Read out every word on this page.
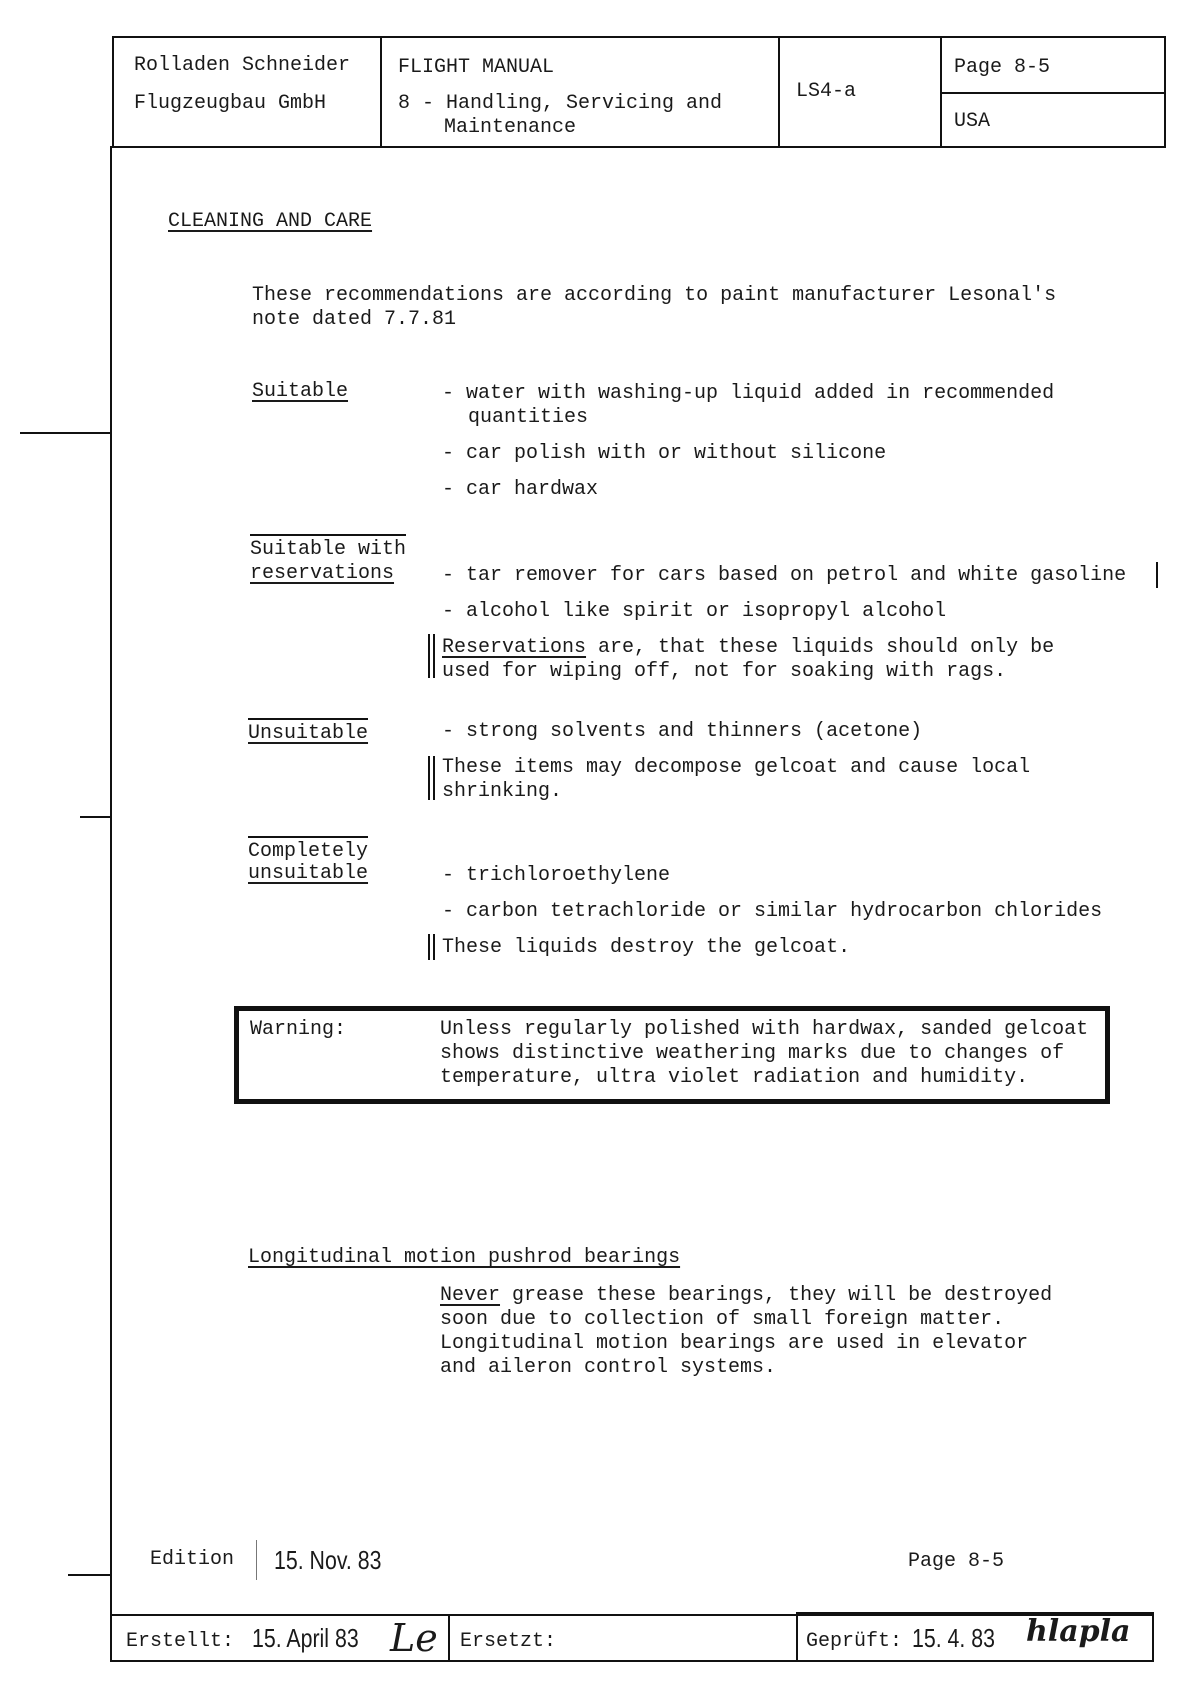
Rolladen Schneider
Flugzeugbau GmbH
FLIGHT MANUAL
8 - Handling, Servicing and
Maintenance
LS4-a
Page 8-5
USA
CLEANING AND CARE
These recommendations are according to paint manufacturer Lesonal's
note dated 7.7.81
Suitable	- water with washing-up liquid added in recommended
quantities
- car polish with or without silicone
- car hardwax
Suitable with
reservations - tar remover for cars based on petrol and white gasoline
- alcohol like spirit or isopropyl alcohol
Reservations are, that these liquids should only be
used for wiping off, not for soaking with rags.
Unsuitable	- strong solvents and thinners (acetone)
These items may decompose gelcoat and cause local
shrinking.
Completely
unsuitable	- trichloroethylene
- carbon tetrachloride or similar hydrocarbon chlorides
These liquids destroy the gelcoat.
Warning:	Unless regularly polished with hardwax, sanded gelcoat
shows distinctive weathering marks due to changes of
temperature, ultra violet radiation and humidity.
Longitudinal motion pushrod bearings
Never grease these bearings, they will be destroyed
soon due to collection of small foreign matter.
Longitudinal motion bearings are used in elevator
and aileron control systems.
Edition 15. Nov. 83	Page 8-5
Erstellt: 15. April 83 Le Ersetzt:	Geprüft: 15. 4. 83 hlapla
